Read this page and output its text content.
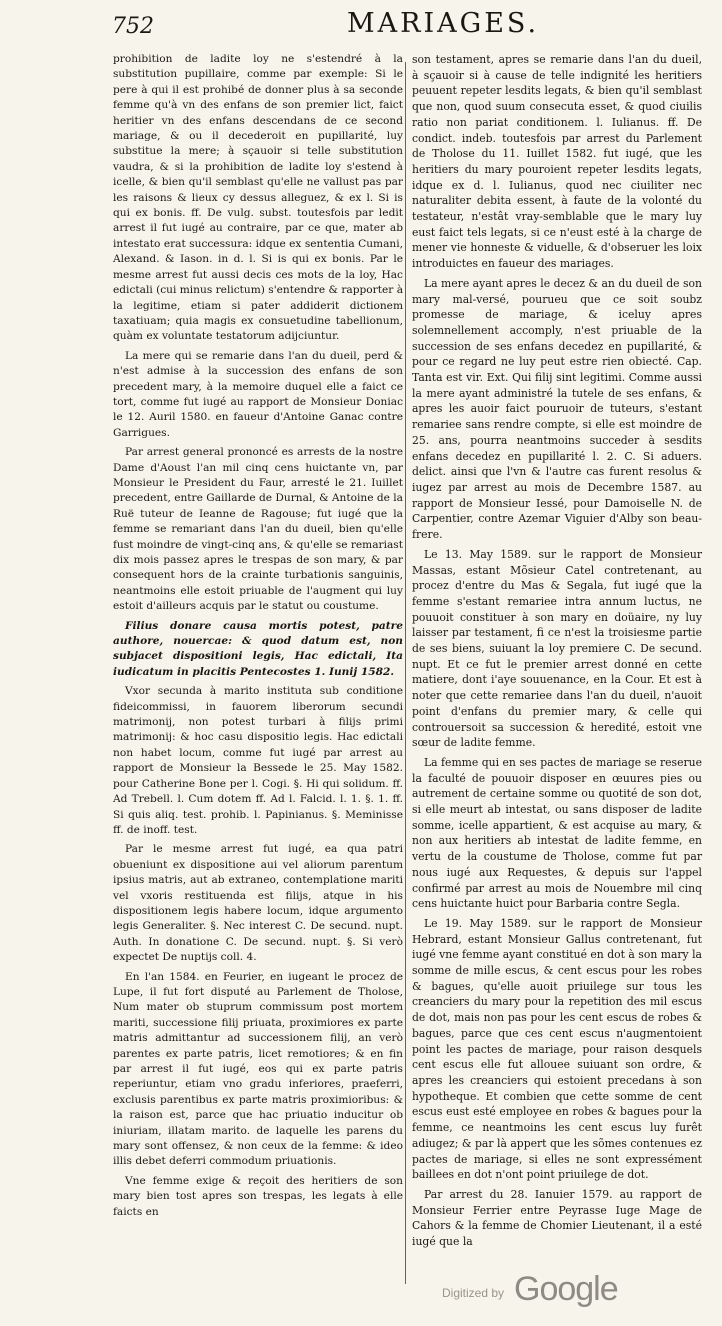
752	MARIAGES.

prohibition de ladite loy ne s'estendré à la substitution pupillaire, comme par exemple: Si le pere à qui il est prohibé de donner plus à sa seconde femme qu'à vn des enfans de son premier lict, faict heritier vn des enfans descendans de ce second mariage, & ou il decederoit en pupillarité, luy substitue la mere; à sçauoir si telle substitution vaudra, & si la prohibition de ladite loy s'estend à icelle, & bien qu'il semblast qu'elle ne vallust pas par les raisons & lieux cy dessus alleguez, & ex l. Si is qui ex bonis. ff. De vulg. subst. toutesfois par ledit arrest il fut iugé au contraire, par ce que, mater ab intestato erat successura: idque ex sententia Cumani, Alexand. & Iason. in d. l. Si is qui ex bonis. Par le mesme arrest fut aussi decis ces mots de la loy, Hac edictali (cui minus relictum) s'entendre & rapporter à la legitime, etiam si pater addiderit dictionem taxatiuam; quia magis ex consuetudine tabellionum, quàm ex voluntate testatorum adijciuntur.

La mere qui se remarie dans l'an du dueil, perd & n'est admise à la succession des enfans de son precedent mary, à la memoire duquel elle a faict ce tort, comme fut iugé au rapport de Monsieur Doniac le 12. Auril 1580. en faueur d'Antoine Ganac contre Garrigues.

Par arrest general prononcé es arrests de la nostre Dame d'Aoust l'an mil cinq cens huictante vn, par Monsieur le President du Faur, arresté le 21. Iuillet precedent, entre Gaillarde de Durnal, & Antoine de la Ruë tuteur de Ieanne de Ragouse; fut iugé que la femme se remariant dans l'an du dueil, bien qu'elle fust moindre de vingt-cinq ans, & qu'elle se remariast dix mois passez apres le trespas de son mary, & par consequent hors de la crainte turbationis sanguinis, neantmoins elle estoit priuable de l'augment qui luy estoit d'ailleurs acquis par le statut ou coustume.

Filius donare causa mortis potest, patre authore, nouercae: & quod datum est, non subjacet dispositioni legis, Hac edictali, Ita iudicatum in placitis Pentecostes 1. Iunij 1582.

Vxor secunda à marito instituta sub conditione fideicommissi, in fauorem liberorum secundi matrimonij, non potest turbari à filijs primi matrimonij: & hoc casu dispositio legis. Hac edictali non habet locum, comme fut iugé par arrest au rapport de Monsieur la Bessede le 25. May 1582. pour Catherine Bone per l. Cogi. §. Hi qui solidum. ff. Ad Trebell. l. Cum dotem ff. Ad l. Falcid. l. 1. §. 1. ff. Si quis aliq. test. prohib. l. Papinianus. §. Meminisse ff. de inoff. test.

Par le mesme arrest fut iugé, ea qua patri obueniunt ex dispositione aui vel aliorum parentum ipsius matris, aut ab extraneo, contemplatione mariti vel vxoris restituenda est filijs, atque in his dispositionem legis habere locum, idque argumento legis Generaliter. §. Nec interest C. De secund. nupt. Auth. In donatione C. De secund. nupt. §. Si verò expectet De nuptijs coll. 4.

En l'an 1584. en Feurier, en iugeant le procez de Lupe, il fut fort disputé au Parlement de Tholose, Num mater ob stuprum commissum post mortem mariti, successione filij priuata, proximiores ex parte matris admittantur ad successionem filij, an verò parentes ex parte patris, licet remotiores; & en fin par arrest il fut iugé, eos qui ex parte patris reperiuntur, etiam vno gradu inferiores, praeferri, exclusis parentibus ex parte matris proximioribus: & la raison est, parce que hac priuatio inducitur ob iniuriam, illatam marito. de laquelle les parens du mary sont offensez, & non ceux de la femme: & ideo illis debet deferri commodum priuationis.

Vne femme exige & reçoit des heritiers de son mary bien tost apres son trespas, les legats à elle faicts en

son testament, apres se remarie dans l'an du dueil, à sçauoir si à cause de telle indignité les heritiers peuuent repeter lesdits legats, & bien qu'il semblast que non, quod suum consecuta esset, & quod ciuilis ratio non pariat conditionem. l. Iulianus. ff. De condict. indeb. toutesfois par arrest du Parlement de Tholose du 11. Iuillet 1582. fut iugé, que les heritiers du mary pouroient repeter lesdits legats, idque ex d. l. Iulianus, quod nec ciuiliter nec naturaliter debita essent, à faute de la volonté du testateur, n'estât vray-semblable que le mary luy eust faict tels legats, si ce n'eust esté à la charge de mener vie honneste & viduelle, & d'obseruer les loix introduictes en faueur des mariages.

La mere ayant apres le decez & an du dueil de son mary mal-versé, pourueu que ce soit soubz promesse de mariage, & iceluy apres solemnellement accomply, n'est priuable de la succession de ses enfans decedez en pupillarité, & pour ce regard ne luy peut estre rien obiecté. Cap. Tanta est vir. Ext. Qui filij sint legitimi. Comme aussi la mere ayant administré la tutele de ses enfans, & apres les auoir faict pouruoir de tuteurs, s'estant remariee sans rendre compte, si elle est moindre de 25. ans, pourra neantmoins succeder à sesdits enfans decedez en pupillarité l. 2. C. Si aduers. delict. ainsi que l'vn & l'autre cas furent resolus & iugez par arrest au mois de Decembre 1587. au rapport de Monsieur Iessé, pour Damoiselle N. de Carpentier, contre Azemar Viguier d'Alby son beau-frere.

Le 13. May 1589. sur le rapport de Monsieur Massas, estant Mõsieur Catel contretenant, au procez d'entre du Mas & Segala, fut iugé que la femme s'estant remariee intra annum luctus, ne pouuoit constituer à son mary en doüaire, ny luy laisser par testament, fi ce n'est la troisiesme partie de ses biens, suiuant la loy premiere C. De secund. nupt. Et ce fut le premier arrest donné en cette matiere, dont i'aye souuenance, en la Cour. Et est à noter que cette remariee dans l'an du dueil, n'auoit point d'enfans du premier mary, & celle qui controuersoit sa succession & heredité, estoit vne sœur de ladite femme.

La femme qui en ses pactes de mariage se reserue la faculté de pouuoir disposer en œuures pies ou autrement de certaine somme ou quotité de son dot, si elle meurt ab intestat, ou sans disposer de ladite somme, icelle appartient, & est acquise au mary, & non aux heritiers ab intestat de ladite femme, en vertu de la coustume de Tholose, comme fut par nous iugé aux Requestes, & depuis sur l'appel confirmé par arrest au mois de Nouembre mil cinq cens huictante huict pour Barbaria contre Segla.

Le 19. May 1589. sur le rapport de Monsieur Hebrard, estant Monsieur Gallus contretenant, fut iugé vne femme ayant constitué en dot à son mary la somme de mille escus, & cent escus pour les robes & bagues, qu'elle auoit priuilege sur tous les creanciers du mary pour la repetition des mil escus de dot, mais non pas pour les cent escus de robes & bagues, parce que ces cent escus n'augmentoient point les pactes de mariage, pour raison desquels cent escus elle fut allouee suiuant son ordre, & apres les creanciers qui estoient precedans à son hypotheque. Et combien que cette somme de cent escus eust esté employee en robes & bagues pour la femme, ce neantmoins les cent escus luy furêt adiugez; & par là appert que les sõmes contenues ez pactes de mariage, si elles ne sont expressément baillees en dot n'ont point priuilege de dot.

Par arrest du 28. Ianuier 1579. au rapport de Monsieur Ferrier entre Peyrasse Iuge Mage de Cahors & la femme de Chomier Lieutenant, il a esté iugé que la

Digitized by Google
